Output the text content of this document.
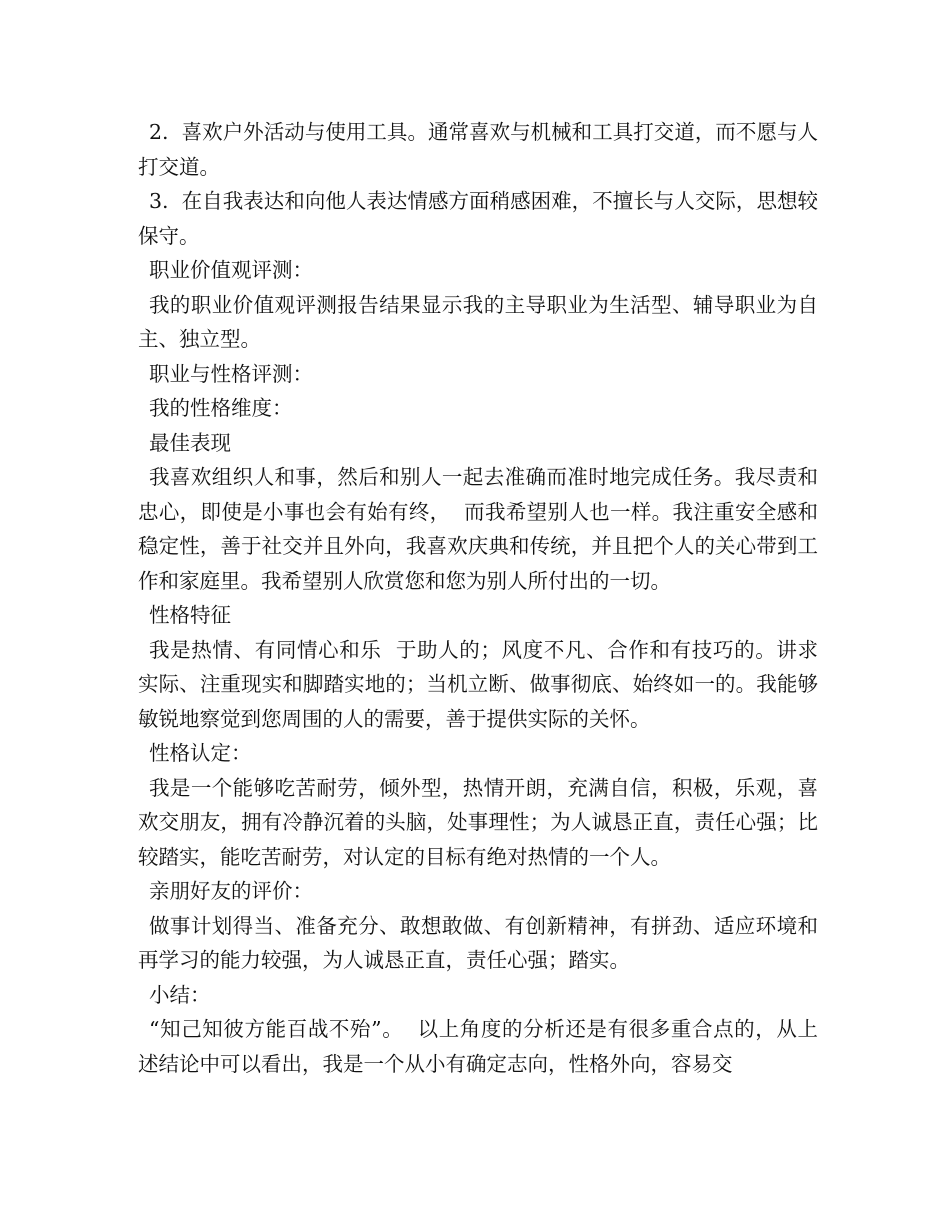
2.  喜欢户外活动与使用工具。通常喜欢与机械和工具打交道，而不愿与人打交道。

3.  在自我表达和向他人表达情感方面稍感困难，不擅长与人交际，思想较保守。

职业价值观评测：

我的职业价值观评测报告结果显示我的主导职业为生活型、辅导职业为自主、独立型。

职业与性格评测：

我的性格维度：

最佳表现

我喜欢组织人和事，然后和别人一起去准确而准时地完成任务。我尽责和忠心，即使是小事也会有始有终，  而我希望别人也一样。我注重安全感和稳定性，善于社交并且外向，我喜欢庆典和传统，并且把个人的关心带到工作和家庭里。我希望别人欣赏您和您为别人所付出的一切。

性格特征

我是热情、有同情心和乐  于助人的；风度不凡、合作和有技巧的。讲求实际、注重现实和脚踏实地的；当机立断、做事彻底、始终如一的。我能够敏锐地察觉到您周围的人的需要，善于提供实际的关怀。

性格认定：

我是一个能够吃苦耐劳，倾外型，热情开朗，充满自信，积极，乐观，喜欢交朋友，拥有冷静沉着的头脑，处事理性；为人诚恳正直，责任心强；比较踏实，能吃苦耐劳，对认定的目标有绝对热情的一个人。

亲朋好友的评价：

做事计划得当、准备充分、敢想敢做、有创新精神，有拼劲、适应环境和再学习的能力较强，为人诚恳正直，责任心强；踏实。

小结：

“知己知彼方能百战不殆”。  以上角度的分析还是有很多重合点的，从上述结论中可以看出，我是一个从小有确定志向，性格外向，容易交
